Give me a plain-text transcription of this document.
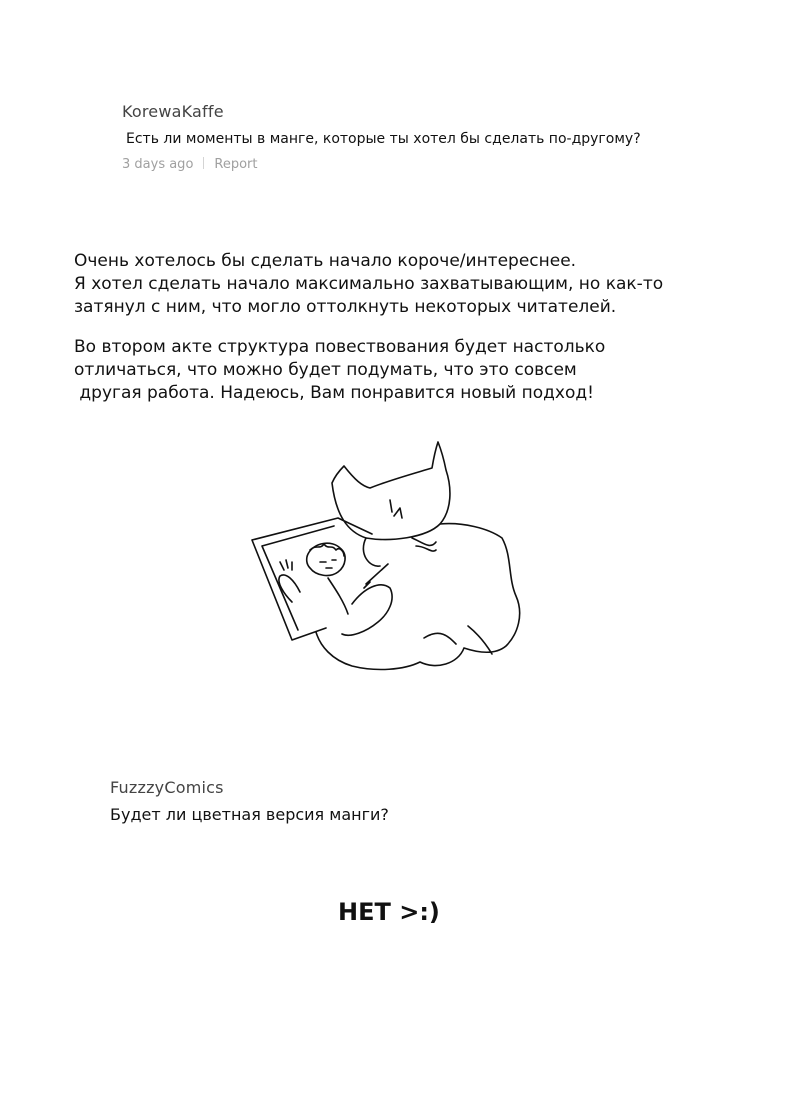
KorewaKaffe
Есть ли моменты в манге, которые ты хотел бы сделать по-другому?
3 days ago Report
Очень хотелось бы сделать начало короче/интереснее.
Я хотел сделать начало максимально захватывающим, но как-то
затянул с ним, что могло оттолкнуть некоторых читателей.
Во втором акте структура повествования будет настолько
отличаться, что можно будет подумать, что это совсем
другая работа. Надеюсь, Вам понравится новый подход!
FuzzzyComics
Будет ли цветная версия манги?
НЕТ >:)
